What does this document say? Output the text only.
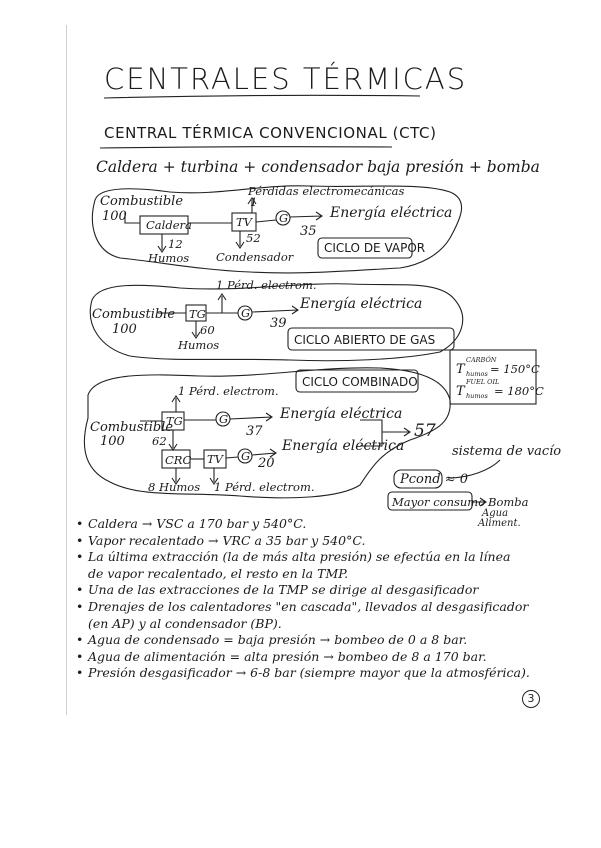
CENTRALES TÉRMICAS
CENTRAL TÉRMICA CONVENCIONAL (CTC)
Caldera + turbina + condensador baja presión + bomba
Pérdidas electromecánicas
1
Combustible
100
Caldera	TV G	Energía eléctrica
35
12
Humos
52
Condensador
CICLO DE VAPOR
1 Pérd. electrom.
Combustible
100
TG	G
Energía eléctrica
39
60
Humos	CICLO ABIERTO DE GAS
CICLO COMBINADO
1 Pérd. electrom.
Combustible
100
TG	G	Energía eléctrica
37
62
CRC TV G
Energía eléctrica
20
8 Humos 1 Pérd. electrom.
57
T
CARBÓN
humos = 150°C
T
FUEL OIL
humos = 180°C
sistema de vacío
Pcond ≈ 0
Mayor consumo Bomba
Agua
Aliment.
• Caldera → VSC a 170 bar y 540°C.
• Vapor recalentado → VRC a 35 bar y 540°C.
• La última extracción (la de más alta presión) se efectúa en la línea
de vapor recalentado, el resto en la TMP.
• Una de las extracciones de la TMP se dirige al desgasificador
• Drenajes de los calentadores "en cascada", llevados al desgasificador
(en AP) y al condensador (BP).
• Agua de condensado = baja presión → bombeo de 0 a 8 bar.
• Agua de alimentación = alta presión → bombeo de 8 a 170 bar.
• Presión desgasificador → 6-8 bar (siempre mayor que la atmosférica).
3
